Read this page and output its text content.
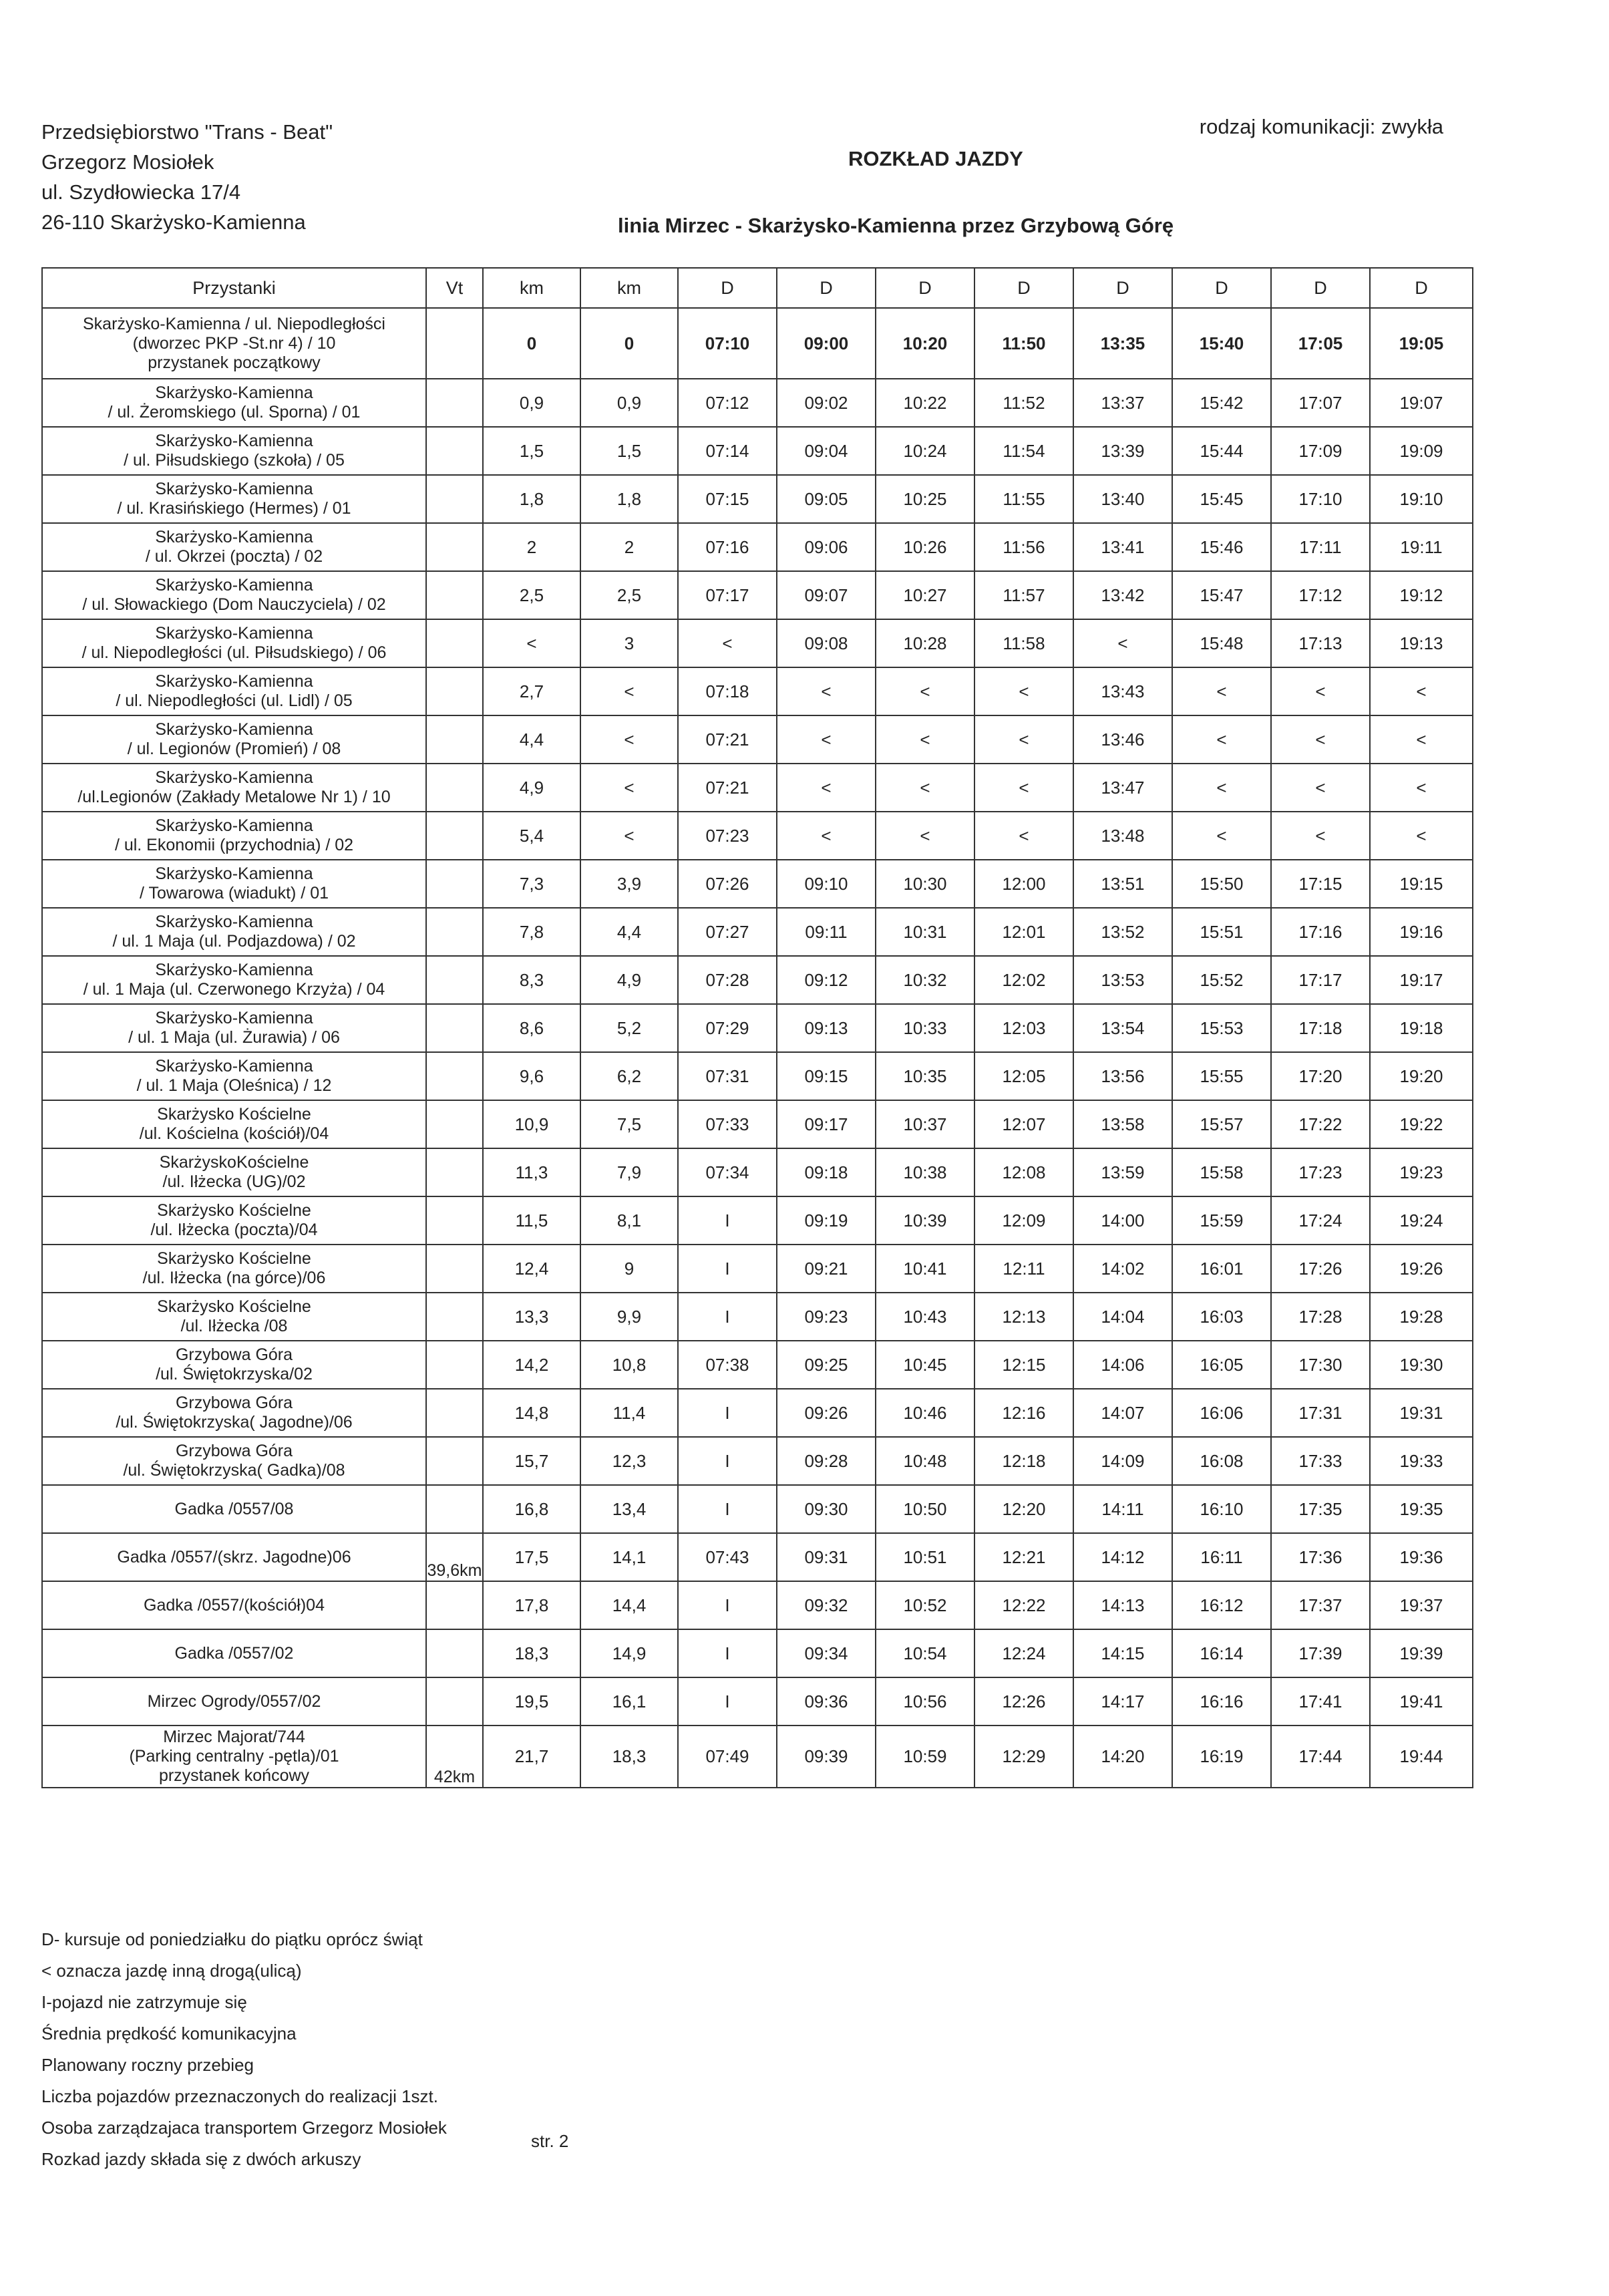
Przedsiębiorstwo "Trans - Beat"
Grzegorz Mosiołek
ul. Szydłowiecka 17/4
26-110 Skarżysko-Kamienna
rodzaj komunikacji: zwykła
ROZKŁAD JAZDY
linia Mirzec - Skarżysko-Kamienna przez Grzybową Górę
Przystanki	Vt	km	km	D	D	D	D	D	D	D	D

Skarżysko-Kamienna / ul. Niepodległości
(dworzec PKP -St.nr 4) / 10
przystanek początkowy		0	0	07:10	09:00	10:20	11:50	13:35	15:40	17:05	19:05

Skarżysko-Kamienna
/ ul. Żeromskiego (ul. Sporna) / 01		0,9	0,9	07:12	09:02	10:22	11:52	13:37	15:42	17:07	19:07

Skarżysko-Kamienna
/ ul. Piłsudskiego (szkoła) / 05		1,5	1,5	07:14	09:04	10:24	11:54	13:39	15:44	17:09	19:09

Skarżysko-Kamienna
/ ul. Krasińskiego (Hermes) / 01		1,8	1,8	07:15	09:05	10:25	11:55	13:40	15:45	17:10	19:10

Skarżysko-Kamienna
/ ul. Okrzei (poczta) / 02		2	2	07:16	09:06	10:26	11:56	13:41	15:46	17:11	19:11

Skarżysko-Kamienna
/ ul. Słowackiego (Dom Nauczyciela) / 02		2,5	2,5	07:17	09:07	10:27	11:57	13:42	15:47	17:12	19:12

Skarżysko-Kamienna
/ ul. Niepodległości (ul. Piłsudskiego) / 06		<	3	<	09:08	10:28	11:58	<	15:48	17:13	19:13

Skarżysko-Kamienna
/ ul. Niepodległości (ul. Lidl) / 05		2,7	<	07:18	<	<	<	13:43	<	<	<

Skarżysko-Kamienna
/ ul. Legionów (Promień) / 08		4,4	<	07:21	<	<	<	13:46	<	<	<

Skarżysko-Kamienna
/ul.Legionów (Zakłady Metalowe Nr 1) / 10		4,9	<	07:21	<	<	<	13:47	<	<	<

Skarżysko-Kamienna
/ ul. Ekonomii (przychodnia) / 02		5,4	<	07:23	<	<	<	13:48	<	<	<

Skarżysko-Kamienna
/ Towarowa (wiadukt) / 01		7,3	3,9	07:26	09:10	10:30	12:00	13:51	15:50	17:15	19:15

Skarżysko-Kamienna
/ ul. 1 Maja (ul. Podjazdowa) / 02		7,8	4,4	07:27	09:11	10:31	12:01	13:52	15:51	17:16	19:16

Skarżysko-Kamienna
/ ul. 1 Maja (ul. Czerwonego Krzyża) / 04		8,3	4,9	07:28	09:12	10:32	12:02	13:53	15:52	17:17	19:17

Skarżysko-Kamienna
/ ul. 1 Maja (ul. Żurawia) / 06		8,6	5,2	07:29	09:13	10:33	12:03	13:54	15:53	17:18	19:18

Skarżysko-Kamienna
/ ul. 1 Maja (Oleśnica) / 12		9,6	6,2	07:31	09:15	10:35	12:05	13:56	15:55	17:20	19:20

Skarżysko Kościelne
/ul. Kościelna (kościół)/04		10,9	7,5	07:33	09:17	10:37	12:07	13:58	15:57	17:22	19:22

SkarżyskoKościelne
/ul. Iłżecka (UG)/02		11,3	7,9	07:34	09:18	10:38	12:08	13:59	15:58	17:23	19:23

Skarżysko Kościelne
/ul. Iłżecka (poczta)/04		11,5	8,1	I	09:19	10:39	12:09	14:00	15:59	17:24	19:24

Skarżysko Kościelne
/ul. Iłżecka (na górce)/06		12,4	9	I	09:21	10:41	12:11	14:02	16:01	17:26	19:26

Skarżysko Kościelne
/ul. Iłżecka /08		13,3	9,9	I	09:23	10:43	12:13	14:04	16:03	17:28	19:28

Grzybowa Góra
/ul. Świętokrzyska/02		14,2	10,8	07:38	09:25	10:45	12:15	14:06	16:05	17:30	19:30

Grzybowa Góra
/ul. Świętokrzyska( Jagodne)/06		14,8	11,4	I	09:26	10:46	12:16	14:07	16:06	17:31	19:31

Grzybowa Góra
/ul. Świętokrzyska( Gadka)/08		15,7	12,3	I	09:28	10:48	12:18	14:09	16:08	17:33	19:33

Gadka /0557/08		16,8	13,4	I	09:30	10:50	12:20	14:11	16:10	17:35	19:35

Gadka /0557/(skrz. Jagodne)06	39,6km	17,5	14,1	07:43	09:31	10:51	12:21	14:12	16:11	17:36	19:36

Gadka /0557/(kościół)04		17,8	14,4	I	09:32	10:52	12:22	14:13	16:12	17:37	19:37

Gadka /0557/02		18,3	14,9	I	09:34	10:54	12:24	14:15	16:14	17:39	19:39

Mirzec Ogrody/0557/02		19,5	16,1	I	09:36	10:56	12:26	14:17	16:16	17:41	19:41

Mirzec Majorat/744
(Parking centralny -pętla)/01
przystanek końcowy	42km	21,7	18,3	07:49	09:39	10:59	12:29	14:20	16:19	17:44	19:44
D- kursuje od poniedziałku do piątku oprócz świąt
< oznacza jazdę inną drogą(ulicą)
I-pojazd nie zatrzymuje się
Średnia prędkość komunikacyjna
Planowany roczny przebieg
Liczba pojazdów przeznaczonych do realizacji 1szt.
Osoba zarządzajaca transportem Grzegorz Mosiołek
Rozkad jazdy składa się z dwóch arkuszy
str. 2
